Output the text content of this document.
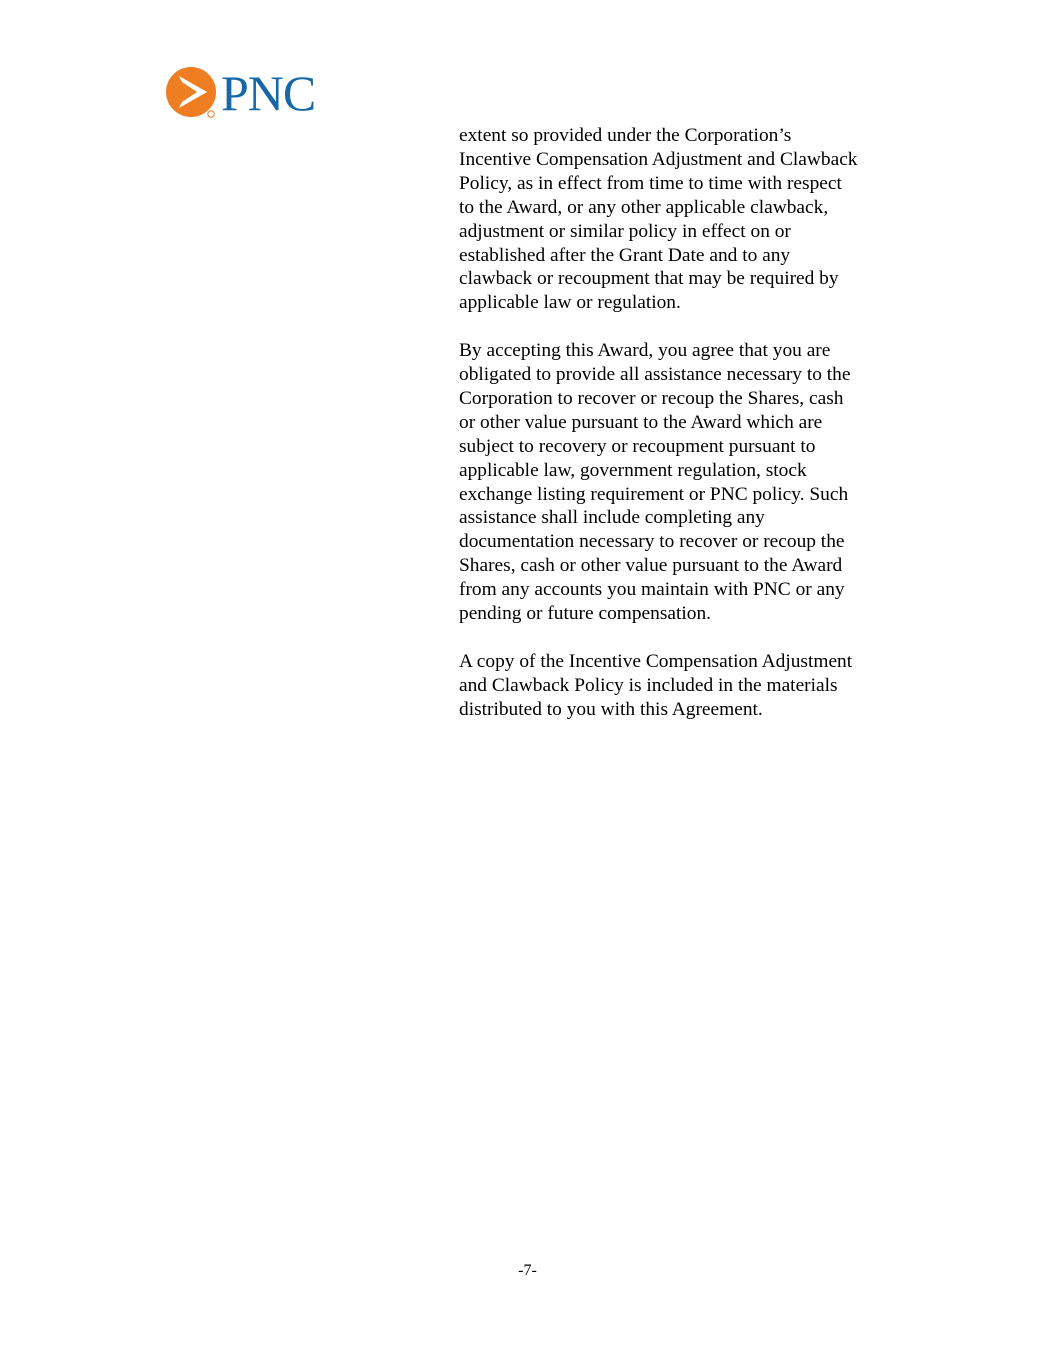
PNC

extent so provided under the Corporation’s
Incentive Compensation Adjustment and Clawback
Policy, as in effect from time to time with respect
to the Award, or any other applicable clawback,
adjustment or similar policy in effect on or
established after the Grant Date and to any
clawback or recoupment that may be required by
applicable law or regulation.

By accepting this Award, you agree that you are
obligated to provide all assistance necessary to the
Corporation to recover or recoup the Shares, cash
or other value pursuant to the Award which are
subject to recovery or recoupment pursuant to
applicable law, government regulation, stock
exchange listing requirement or PNC policy. Such
assistance shall include completing any
documentation necessary to recover or recoup the
Shares, cash or other value pursuant to the Award
from any accounts you maintain with PNC or any
pending or future compensation.

A copy of the Incentive Compensation Adjustment
and Clawback Policy is included in the materials
distributed to you with this Agreement.

-7-
